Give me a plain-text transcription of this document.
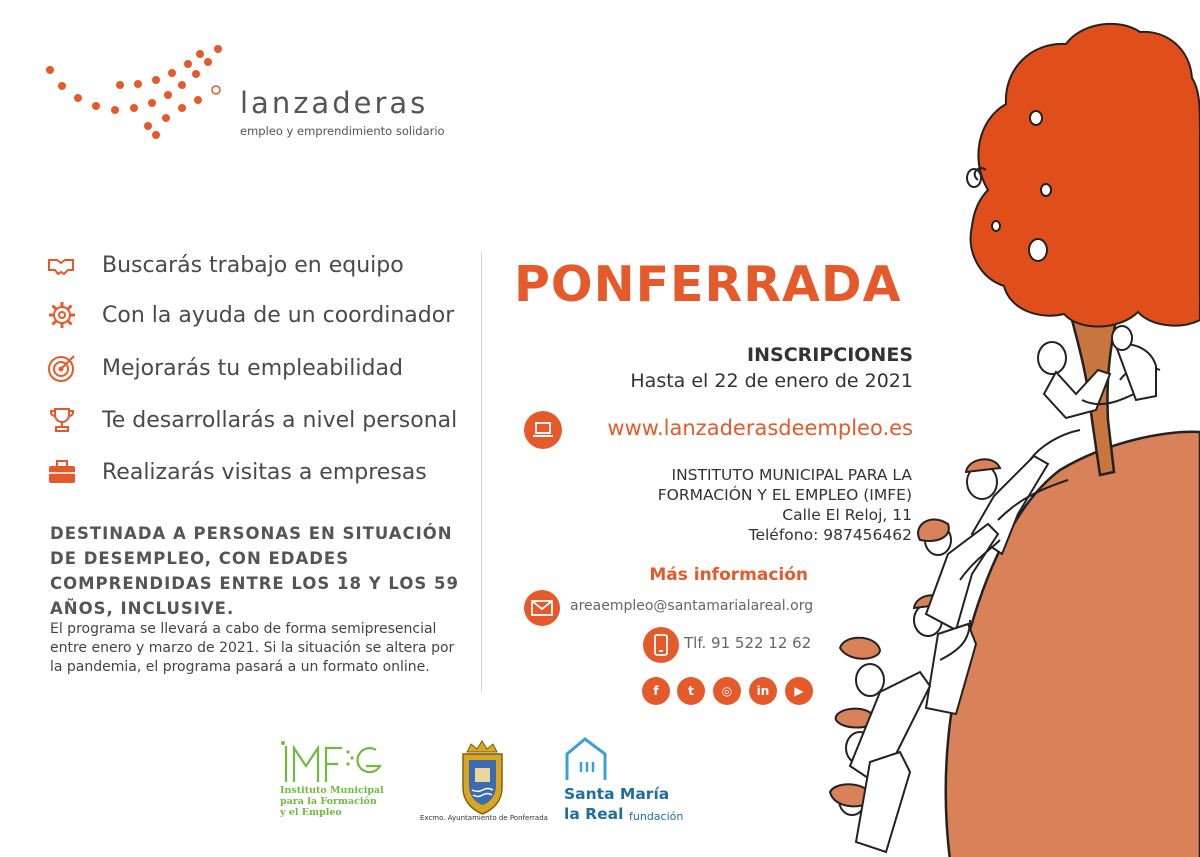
lanzaderas
empleo y emprendimiento solidario
Buscarás trabajo en equipo
Con la ayuda de un coordinador
Mejorarás tu empleabilidad
Te desarrollarás a nivel personal
Realizarás visitas a empresas
DESTINADA A PERSONAS EN SITUACIÓN DE DESEMPLEO, CON EDADES COMPRENDIDAS ENTRE LOS 18 Y LOS 59 AÑOS, INCLUSIVE.
El programa se llevará a cabo de forma semipresencial entre enero y marzo de 2021. Si la situación se altera por la pandemia, el programa pasará a un formato online.
PONFERRADA
INSCRIPCIONES
Hasta el 22 de enero de 2021
www.lanzaderasdeempleo.es
INSTITUTO MUNICIPAL PARA LA
FORMACIÓN Y EL EMPLEO (IMFE)
Calle El Reloj, 11
Teléfono: 987456462
Más información
areaempleo@santamarialareal.org
Tlf. 91 522 12 62
f	t	◎	in	▶
Instituto Municipal
para la Formación
y el Empleo	Excmo. Ayuntamiento de Ponferrada
Santa María
la Real fundación
